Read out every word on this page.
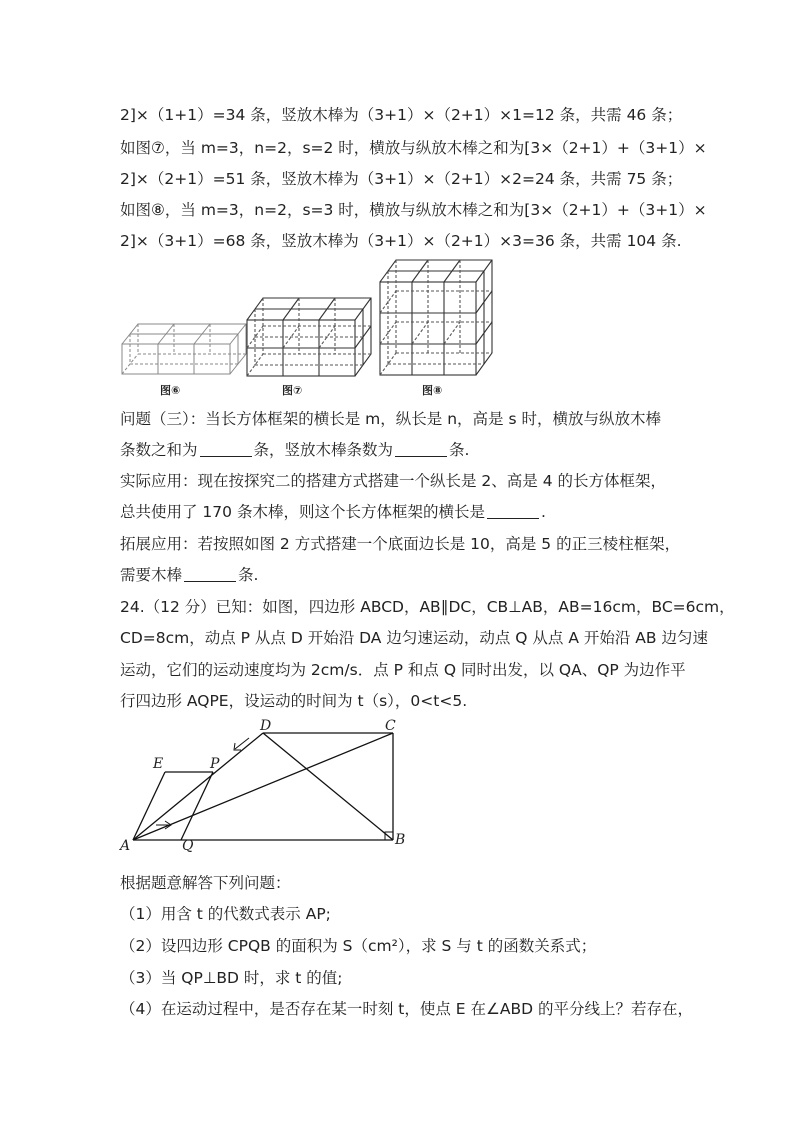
2]×（1+1）=34 条，竖放木棒为（3+1）×（2+1）×1=12 条，共需 46 条；
如图⑦，当 m=3，n=2，s=2 时，横放与纵放木棒之和为[3×（2+1）+（3+1）×
2]×（2+1）=51 条，竖放木棒为（3+1）×（2+1）×2=24 条，共需 75 条；
如图⑧，当 m=3，n=2，s=3 时，横放与纵放木棒之和为[3×（2+1）+（3+1）×
2]×（3+1）=68 条，竖放木棒为（3+1）×（2+1）×3=36 条，共需 104 条.
图⑥	图⑦	图⑧
问题（三）：当长方体框架的横长是 m，纵长是 n，高是 s 时，横放与纵放木棒
条数之和为	条，竖放木棒条数为	条.
实际应用：现在按探究二的搭建方式搭建一个纵长是 2、高是 4 的长方体框架，
总共使用了 170 条木棒，则这个长方体框架的横长是	.
拓展应用：若按照如图 2 方式搭建一个底面边长是 10，高是 5 的正三棱柱框架，
需要木棒	条.
24.（12 分）已知：如图，四边形 ABCD，AB∥DC，CB⊥AB，AB=16cm，BC=6cm，
CD=8cm，动点 P 从点 D 开始沿 DA 边匀速运动，动点 Q 从点 A 开始沿 AB 边匀速
运动，它们的运动速度均为 2cm/s．点 P 和点 Q 同时出发，以 QA、QP 为边作平
行四边形 AQPE，设运动的时间为 t（s），0<t<5.
A	B
C
D
E	P
Q
根据题意解答下列问题：
（1）用含 t 的代数式表示 AP;
（2）设四边形 CPQB 的面积为 S（cm²），求 S 与 t 的函数关系式；
（3）当 QP⊥BD 时，求 t 的值;
（4）在运动过程中，是否存在某一时刻 t，使点 E 在∠ABD 的平分线上？若存在，
